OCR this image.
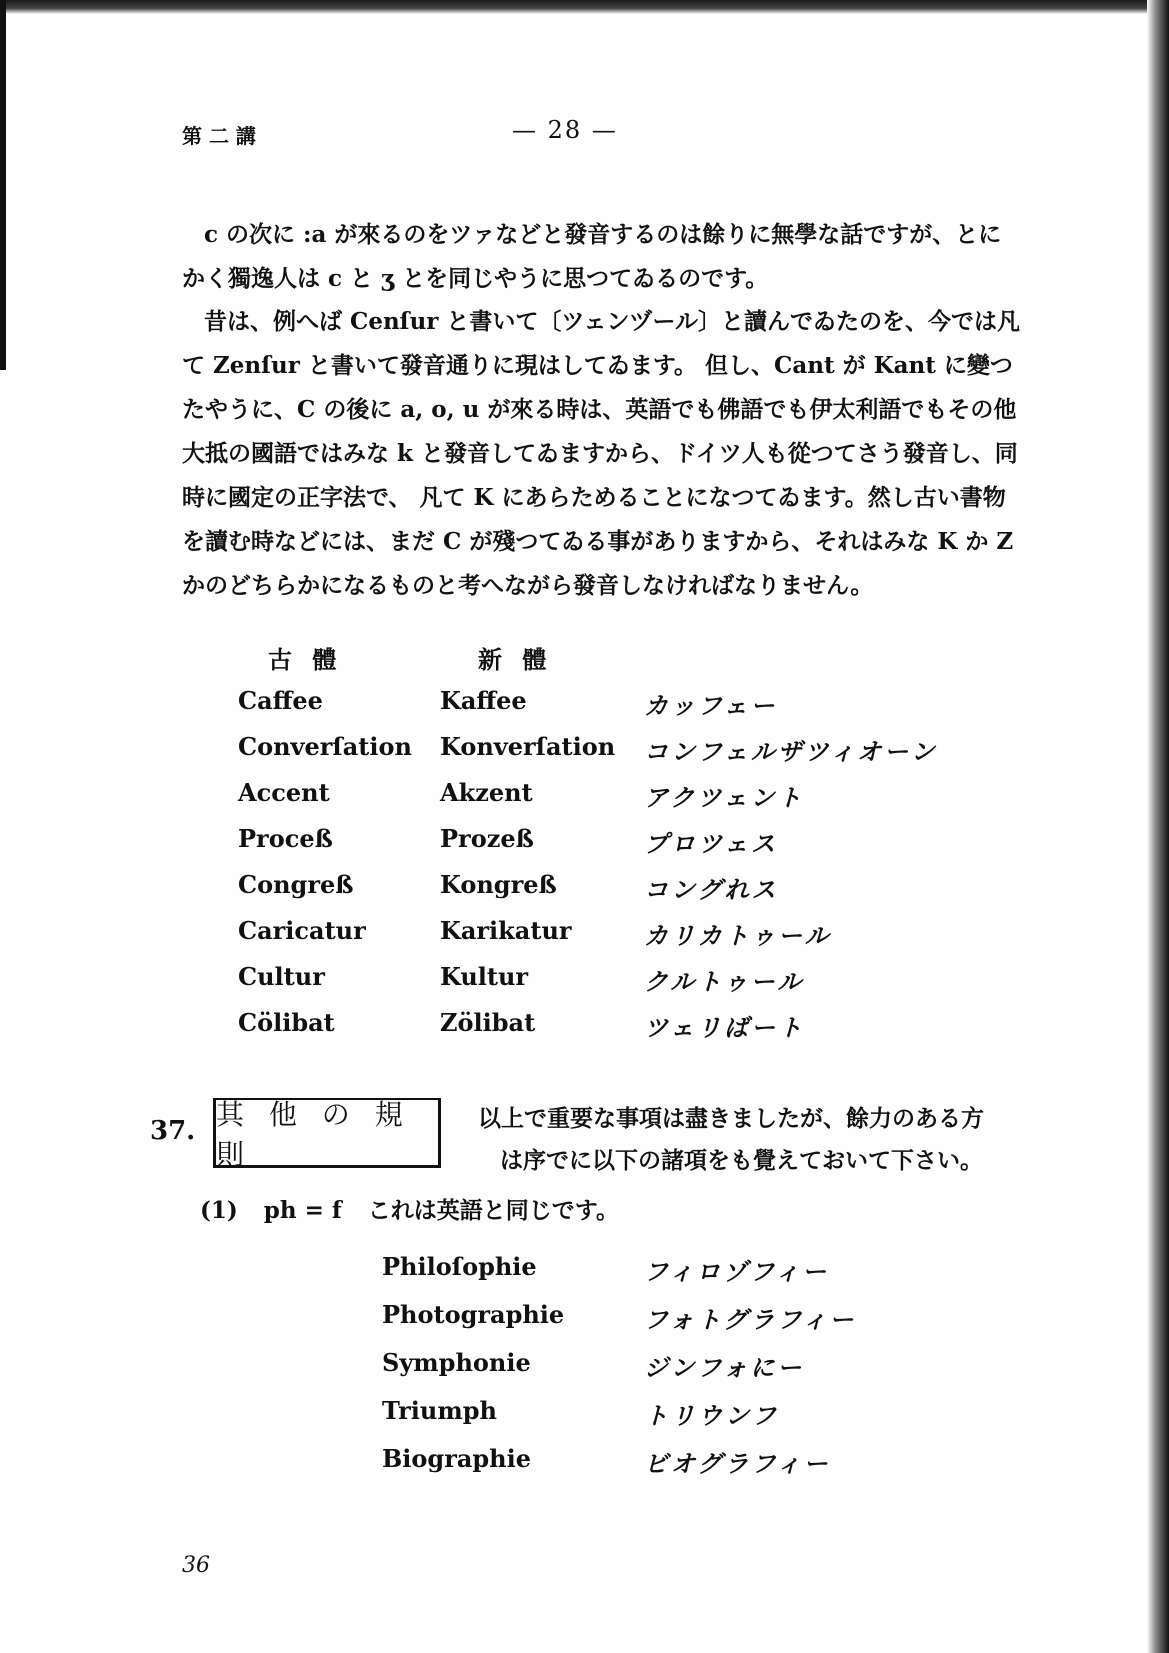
第 二 講	— 28 —

c の次に :a が來るのをツァなどと發音するのは餘りに無學な話ですが、とにかく獨逸人は c と ʒ とを同じやうに思つてゐるのです。

昔は、例へば Cenſur と書いて〔ツェンヅール〕と讀んでゐたのを、今では凡て Zenſur と書いて發音通りに現はしてゐます。 但し、Cant が Kant に變つたやうに、C の後に a, o, u が來る時は、英語でも佛語でも伊太利語でもその他大抵の國語ではみな k と發音してゐますから、ドイツ人も從つてさう發音し、同時に國定の正字法で、 凡て K にあらためることになつてゐます。然し古い書物を讀む時などには、まだ C が殘つてゐる事がありますから、それはみな K か Z かのどちらかになるものと考へながら發音しなければなりません。

古 體	新 體
Caffee	Kaffee	カッフェー
Converſation Konverſation コンフェルザツィオーン
Accent	Akzent	アクツェント
Proceß	Prozeß	プロツェス
Congreß	Kongreß	コングれス
Caricatur	Karikatur	カリカトゥール
Cultur	Kultur	クルトゥール
Cölibat	Zölibat	ツェリばート
37.
其 他 の 規 則
以上で重要な事項は盡きましたが、餘力のある方
は序でに以下の諸項をも覺えておいて下さい。
(1) ph = f これは英語と同じです。
Philoſophie	フィロゾフィー
Photographie	フォトグラフィー
Symphonie	ジンフォにー
Triumph	トリウンフ
Biographie	ビオグラフィー
36
